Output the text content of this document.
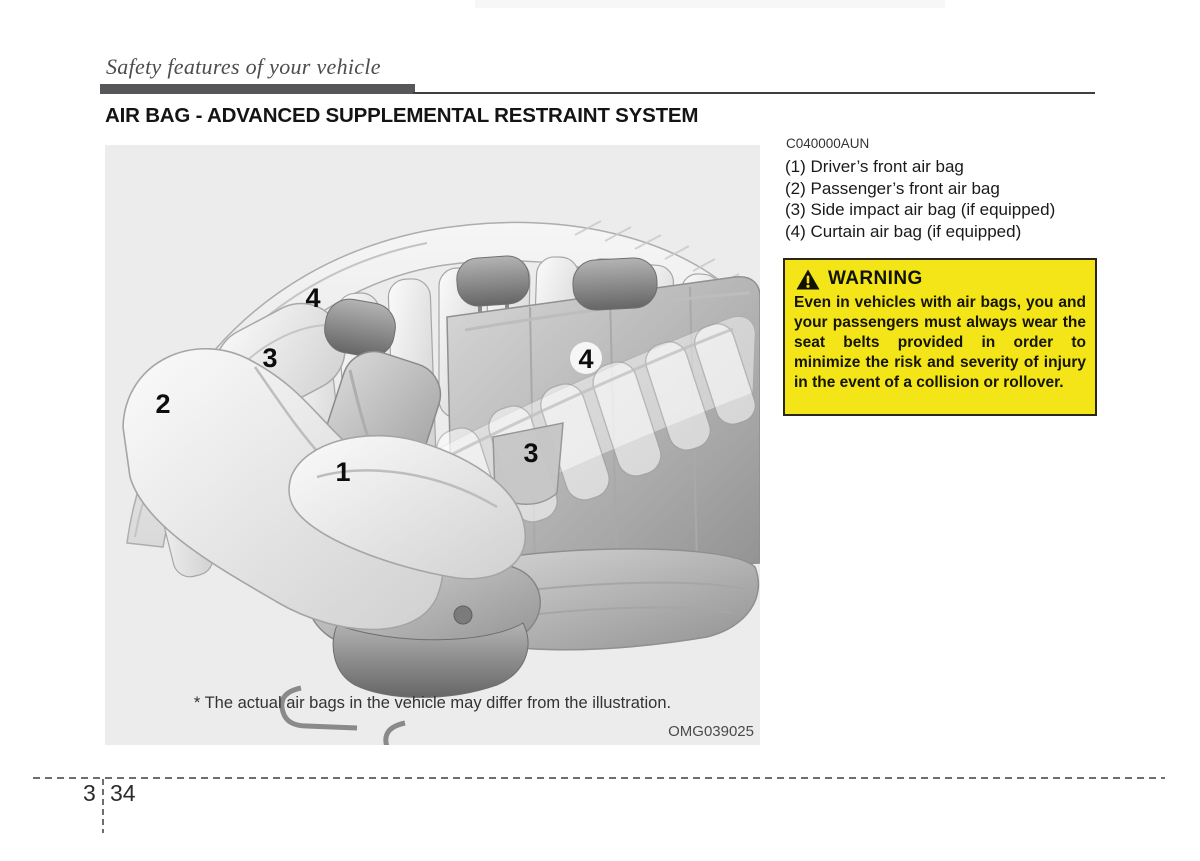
Safety features of your vehicle
AIR BAG - ADVANCED SUPPLEMENTAL RESTRAINT SYSTEM
4
3
2
1
4
3
* The actual air bags in the vehicle may differ from the illustration.
OMG039025
C040000AUN
(1) Driver’s front air bag
(2) Passenger’s front air bag
(3) Side impact air bag (if equipped)
(4) Curtain air bag (if equipped)
WARNING
Even in vehicles with air bags, you and your passengers must always wear the seat belts provided in order to minimize the risk and severity of injury in the event of a collision or rollover.
3 34
